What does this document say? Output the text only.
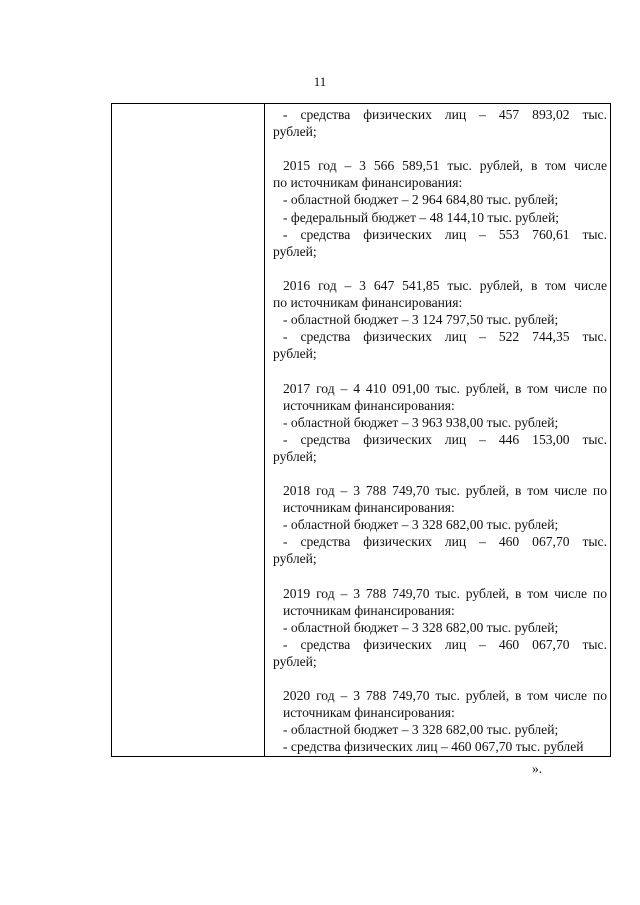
11
- средства физических лиц – 457 893,02 тыс.
рублей;
2015 год – 3 566 589,51 тыс. рублей, в том числе
по источникам финансирования:
- областной бюджет – 2 964 684,80 тыс. рублей;
- федеральный бюджет – 48 144,10 тыс. рублей;
- средства физических лиц – 553 760,61 тыс.
рублей;
2016 год – 3 647 541,85 тыс. рублей, в том числе
по источникам финансирования:
- областной бюджет – 3 124 797,50 тыс. рублей;
- средства физических лиц – 522 744,35 тыс.
рублей;
2017 год – 4 410 091,00 тыс. рублей, в том числе по
источникам финансирования:
- областной бюджет – 3 963 938,00 тыс. рублей;
- средства физических лиц – 446 153,00 тыс.
рублей;
2018 год – 3 788 749,70 тыс. рублей, в том числе по
источникам финансирования:
- областной бюджет – 3 328 682,00 тыс. рублей;
- средства физических лиц – 460 067,70 тыс.
рублей;
2019 год – 3 788 749,70 тыс. рублей, в том числе по
источникам финансирования:
- областной бюджет – 3 328 682,00 тыс. рублей;
- средства физических лиц – 460 067,70 тыс.
рублей;
2020 год – 3 788 749,70 тыс. рублей, в том числе по
источникам финансирования:
- областной бюджет – 3 328 682,00 тыс. рублей;
- средства физических лиц – 460 067,70 тыс. рублей
».
